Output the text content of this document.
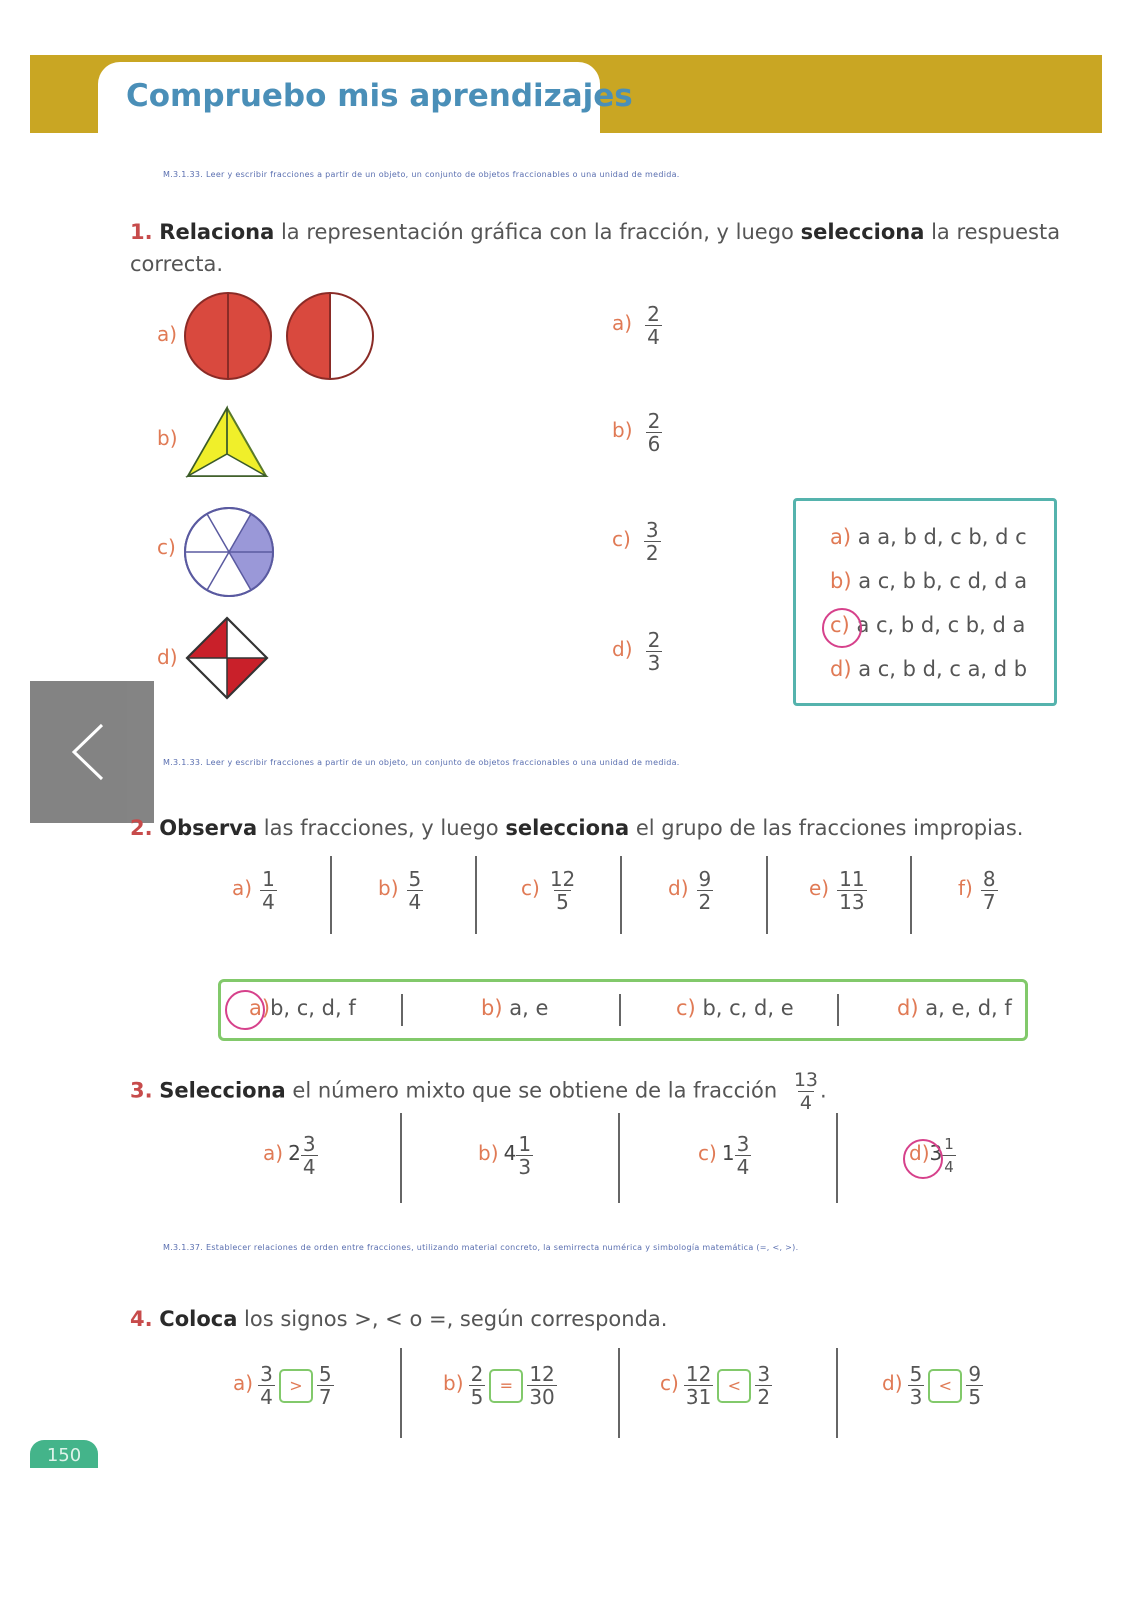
Compruebo mis aprendizajes
M.3.1.33. Leer y escribir fracciones a partir de un objeto, un conjunto de objetos fraccionables o una unidad de medida.
1. Relaciona la representación gráfica con la fracción, y luego selecciona la respuesta correcta.
a)
b)
c)
d)
$a) \frac{2}{4}$
$b) \frac{2}{6}$
$c) \frac{3}{2}$
$d) \frac{2}{3}$
a) a a, b d, c b, d c
b) a c, b b, c d, d a
c) a c, b d, c b, d a
d) a c, b d, c a, d b
M.3.1.33. Leer y escribir fracciones a partir de un objeto, un conjunto de objetos fraccionables o una unidad de medida.
2. Observa las fracciones, y luego selecciona el grupo de las fracciones impropias.
$a) \frac{1}{4}$	$b) \frac{5}{4}$	$c) \frac{12}{5}$	$d) \frac{9}{2}$	$e) \frac{11}{13}$	$f) \frac{8}{7}$
a)b, c, d, f	b) a, e	c) b, c, d, e	d) a, e, d, f
3. Selecciona el número mixto que se obtiene de la fracción $\frac{13}{4}$ .
a) $2 \frac{3}{4}$	b) $4 \frac{1}{3}$	c) $1 \frac{3}{4}$	$d)3 \frac{1}{4}$
M.3.1.37. Establecer relaciones de orden entre fracciones, utilizando material concreto, la semirrecta numérica y simbología matemática (=, <, >).
4. Coloca los signos >, < o =, según corresponda.
$a) \frac{3}{4} > \frac{5}{7}$	$b) \frac{2}{5} = \frac{12}{30}$	$c) \frac{12}{31} < \frac{3}{2}$	$d) \frac{5}{3} < \frac{9}{5}$
150
